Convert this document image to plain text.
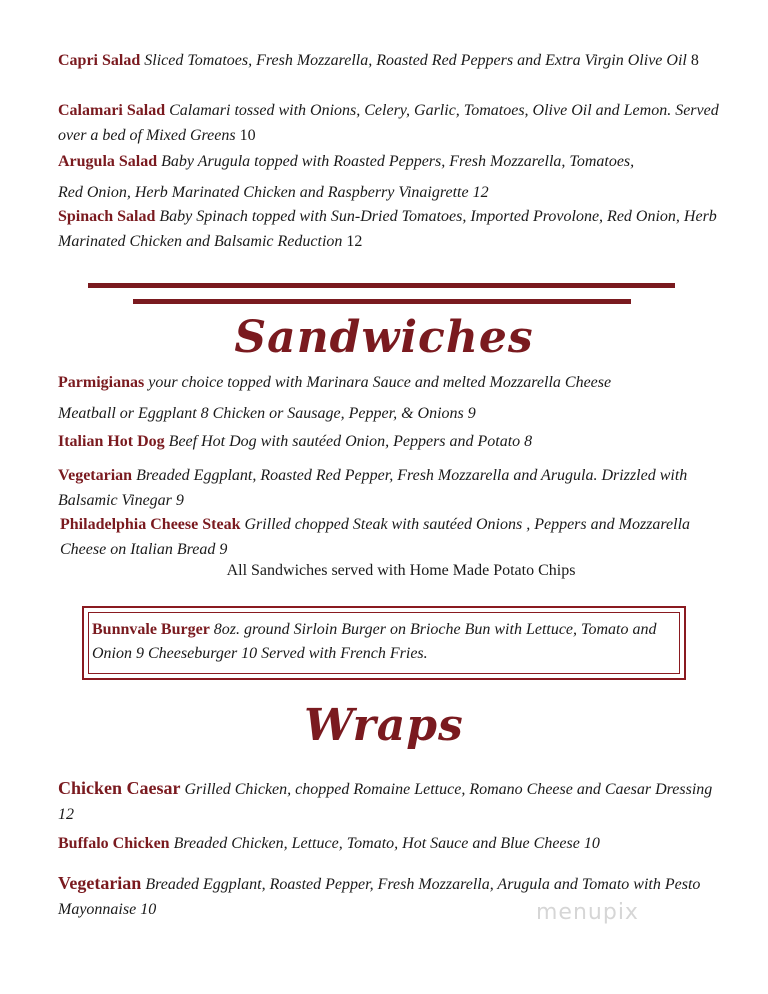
Capri Salad Sliced Tomatoes, Fresh Mozzarella, Roasted Red Peppers and Extra Virgin Olive Oil 8
Calamari Salad Calamari tossed with Onions, Celery, Garlic, Tomatoes, Olive Oil and Lemon. Served over a bed of Mixed Greens 10
Arugula Salad Baby Arugula topped with Roasted Peppers, Fresh Mozzarella, Tomatoes,
Red Onion, Herb Marinated Chicken and Raspberry Vinaigrette 12
Spinach Salad Baby Spinach topped with Sun-Dried Tomatoes, Imported Provolone, Red Onion, Herb Marinated Chicken and Balsamic Reduction 12
Sandwiches
Parmigianas your choice topped with Marinara Sauce and melted Mozzarella Cheese
Meatball or Eggplant 8 Chicken or Sausage, Pepper, & Onions 9
Italian Hot Dog Beef Hot Dog with sautéed Onion, Peppers and Potato 8
Vegetarian Breaded Eggplant, Roasted Red Pepper, Fresh Mozzarella and Arugula. Drizzled with Balsamic Vinegar 9
Philadelphia Cheese Steak Grilled chopped Steak with sautéed Onions , Peppers and Mozzarella Cheese on Italian Bread 9
All Sandwiches served with Home Made Potato Chips
Bunnvale Burger 8oz. ground Sirloin Burger on Brioche Bun with Lettuce, Tomato and Onion 9 Cheeseburger 10 Served with French Fries.
Wraps
Chicken Caesar Grilled Chicken, chopped Romaine Lettuce, Romano Cheese and Caesar Dressing 12
Buffalo Chicken Breaded Chicken, Lettuce, Tomato, Hot Sauce and Blue Cheese 10
Vegetarian Breaded Eggplant, Roasted Pepper, Fresh Mozzarella, Arugula and Tomato with Pesto Mayonnaise 10	menupix
